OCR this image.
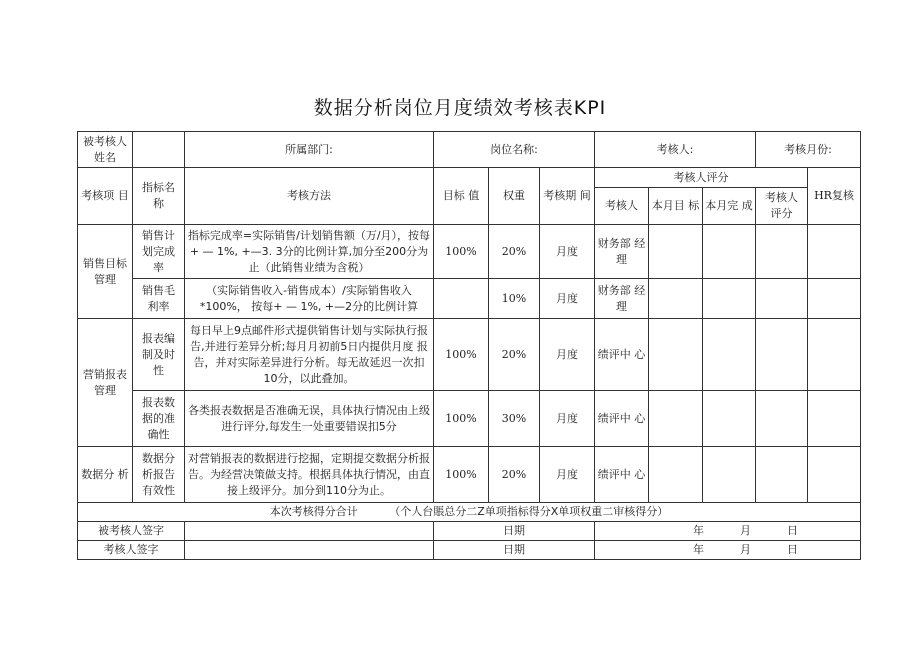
数据分析岗位月度绩效考核表KPI
被考核人姓名		所属部门:	岗位名称:			考核人:			考核月份:	
考核项 目	指标名 称	考核方法	目标 值	权重	考核期 间	考核人评分				HR复核
						考核人	本月目 标	本月完 成	考核人 评分	
销售目标管理	销售计 划完成 率	指标完成率=实际销售/计划销售额（万/月），按每+ — 1%, +—3. 3分的比例计算,加分至200分为 止（此销售业绩为含税）	100%	20%	月度	财务部 经理				
	销售毛 利率	（实际销售收入-销售成本）/实际销售收入*100%， 按每+ — 1%, +—2分的比例计算		10%	月度	财务部 经理				
营销报表管理	报表编 制及时 性	每日早上9点邮件形式提供销售计划与实际执行报告,并进行差异分析;每月月初前5日内提供月度 报告，并对实际差异进行分析。每无故延迟一次扣 10分，以此叠加。	100%	20%	月度	绩评中 心				
	报表数 据的准 确性	各类报表数据是否准确无误，具体执行情况由上级进行评分,每发生一处重要错误扣5分	100%	30%	月度	绩评中 心				
数据分 析	数据分 析报告 有效性	对营销报表的数据进行挖掘，定期提交数据分析报告。为经营决策做支持。根据具体执行情况，由直接上级评分。加分到110分为止。	100%	20%	月度	绩评中 心				
本次考核得分合计 （个人台賬总分二Z单项指标得分X单项权重二审核得分）										
被考核人签字			日期			年 月 日				
考核人签字			日期			年 月 日				
